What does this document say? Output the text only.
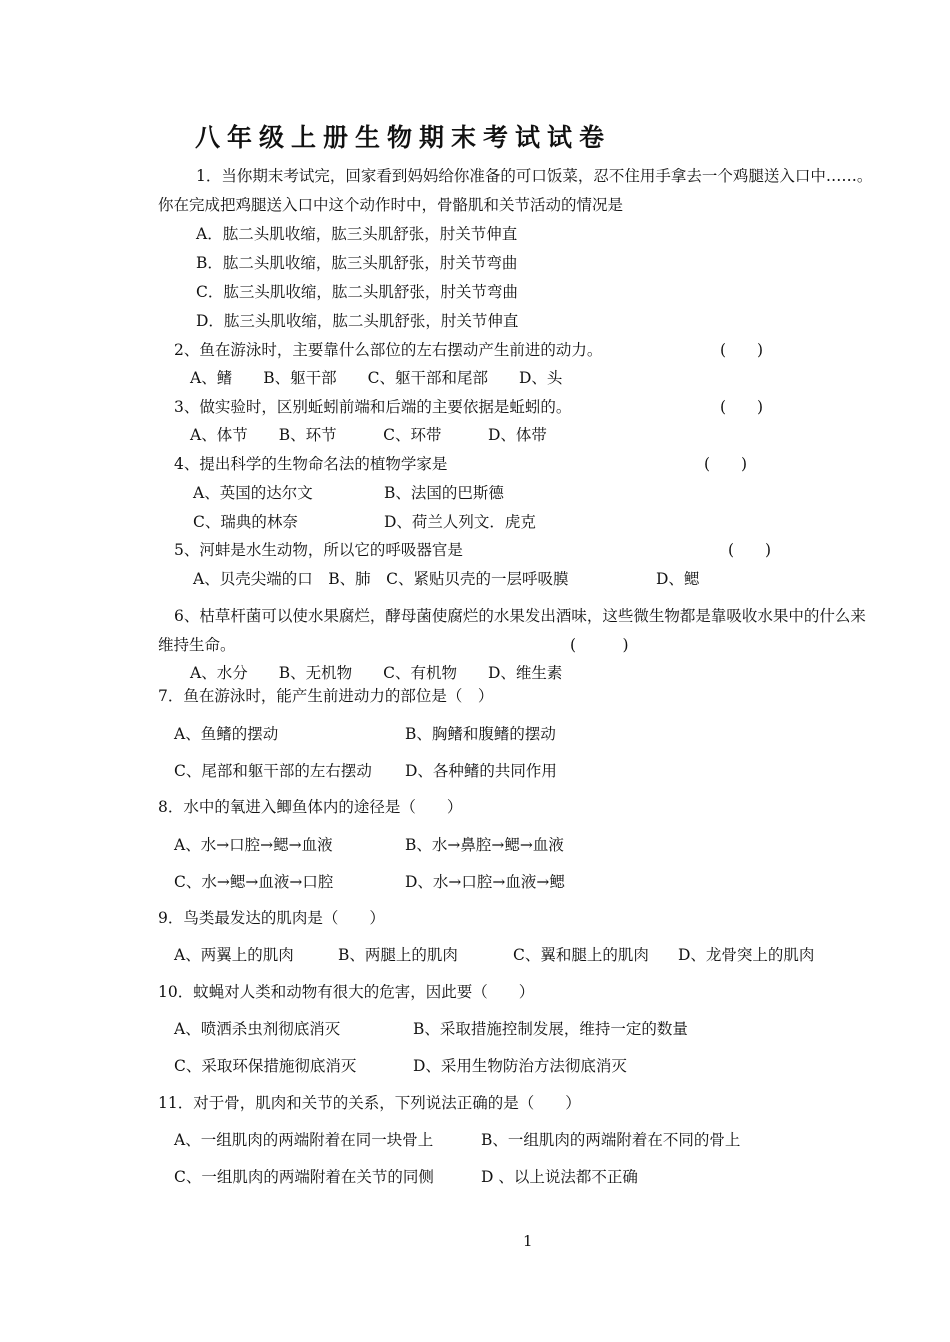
八年级上册生物期末考试试卷
1．当你期末考试完，回家看到妈妈给你准备的可口饭菜，忍不住用手拿去一个鸡腿送入口中……。
你在完成把鸡腿送入口中这个动作时中，骨骼肌和关节活动的情况是
A．肱二头肌收缩，肱三头肌舒张，肘关节伸直
B．肱二头肌收缩，肱三头肌舒张，肘关节弯曲
C．肱三头肌收缩，肱二头肌舒张，肘关节弯曲
D．肱三头肌收缩，肱二头肌舒张，肘关节伸直
2、鱼在游泳时，主要靠什么部位的左右摆动产生前进的动力。	(　　)
A、鳍　　B、躯干部　　C、躯干部和尾部　　D、头
3、做实验时，区别蚯蚓前端和后端的主要依据是蚯蚓的。	(　　)
A、体节　　B、环节　　　C、环带　　　D、体带
4、提出科学的生物命名法的植物学家是	(　　)
A、英国的达尔文	B、法国的巴斯德
C、瑞典的林奈	D、荷兰人列文．虎克
5、河蚌是水生动物，所以它的呼吸器官是	(　　)
A、贝壳尖端的口　B、肺　C、紧贴贝壳的一层呼吸膜	D、鳃
6、枯草杆菌可以使水果腐烂，酵母菌使腐烂的水果发出酒味，这些微生物都是靠吸收水果中的什么来
维持生命。	(　　　)
A、水分　　B、无机物　　C、有机物　　D、维生素
7．鱼在游泳时，能产生前进动力的部位是（　）
A、鱼鳍的摆动	B、胸鳍和腹鳍的摆动
C、尾部和躯干部的左右摆动 D、各种鳍的共同作用
8．水中的氧进入鲫鱼体内的途径是（　　）
A、水→口腔→鳃→血液	B、水→鼻腔→鳃→血液
C、水→鳃→血液→口腔	D、水→口腔→血液→鳃
9．鸟类最发达的肌肉是（　　）
A、两翼上的肌肉	B、两腿上的肌肉	C、翼和腿上的肌肉 D、龙骨突上的肌肉
10．蚊蝇对人类和动物有很大的危害，因此要（　　）
A、喷洒杀虫剂彻底消灭	B、采取措施控制发展，维持一定的数量
C、采取环保措施彻底消灭	D、采用生物防治方法彻底消灭
11．对于骨，肌肉和关节的关系，下列说法正确的是（　　）
A、一组肌肉的两端附着在同一块骨上	B、一组肌肉的两端附着在不同的骨上
C、一组肌肉的两端附着在关节的同侧	D 、以上说法都不正确
1
